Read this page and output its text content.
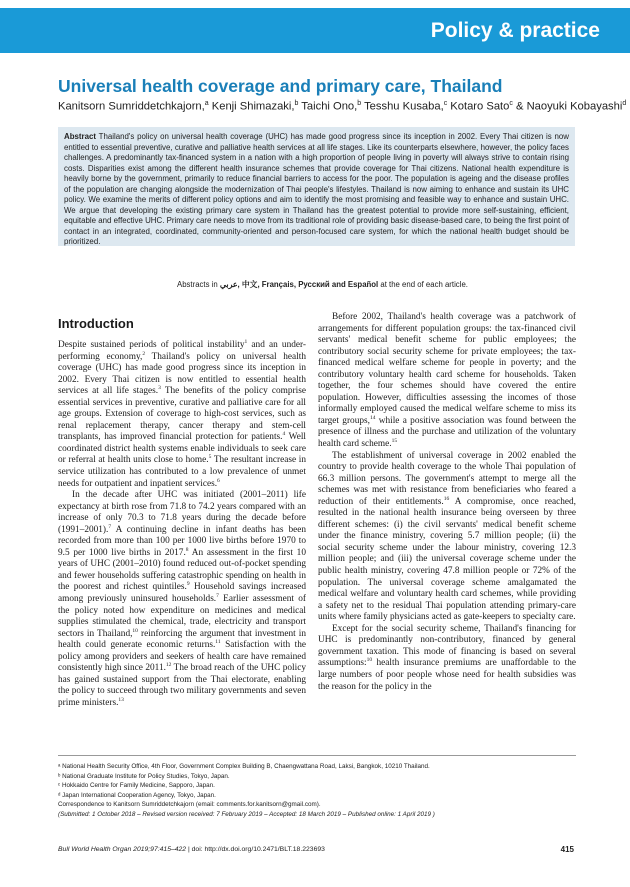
Policy & practice
Universal health coverage and primary care, Thailand
Kanitsorn Sumriddetchkajorn,$^a$ Kenji Shimazaki,$^b$ Taichi Ono,$^b$ Tesshu Kusaba,$^c$ Kotaro Sato$^c$ & Naoyuki Kobayashi$^d$
Abstract Thailand's policy on universal health coverage (UHC) has made good progress since its inception in 2002. Every Thai citizen is now entitled to essential preventive, curative and palliative health services at all life stages. Like its counterparts elsewhere, however, the policy faces challenges. A predominantly tax-financed system in a nation with a high proportion of people living in poverty will always strive to contain rising costs. Disparities exist among the different health insurance schemes that provide coverage for Thai citizens. National health expenditure is heavily borne by the government, primarily to reduce financial barriers to access for the poor. The population is ageing and the disease profiles of the population are changing alongside the modernization of Thai people's lifestyles. Thailand is now aiming to enhance and sustain its UHC policy. We examine the merits of different policy options and aim to identify the most promising and feasible way to enhance and sustain UHC. We argue that developing the existing primary care system in Thailand has the greatest potential to provide more self-sustaining, efficient, equitable and effective UHC. Primary care needs to move from its traditional role of providing basic disease-based care, to being the first point of contact in an integrated, coordinated, community-oriented and person-focused care system, for which the national health budget should be prioritized.
Abstracts in عربي, 中文, Français, Русский and Español at the end of each article.
Introduction

Despite sustained periods of political instability$^1$ and an under-performing economy,$^2$ Thailand's policy on universal health coverage (UHC) has made good progress since its inception in 2002. Every Thai citizen is now entitled to essential health services at all life stages.$^3$ The benefits of the policy comprise essential services in preventive, curative and palliative care for all age groups. Extension of coverage to high-cost services, such as renal replacement therapy, cancer therapy and stem-cell transplants, has improved financial protection for patients.$^4$ Well coordinated district health systems enable individuals to seek care or referral at health units close to home.$^5$ The resultant increase in service utilization has contributed to a low prevalence of unmet needs for outpatient and inpatient services.$^6$

In the decade after UHC was initiated (2001–2011) life expectancy at birth rose from 71.8 to 74.2 years compared with an increase of only 70.3 to 71.8 years during the decade before (1991–2001).$^7$ A continuing decline in infant deaths has been recorded from more than 100 per 1000 live births before 1970 to 9.5 per 1000 live births in 2017.$^8$ An assessment in the first 10 years of UHC (2001–2010) found reduced out-of-pocket spending and fewer households suffering catastrophic spending on health in the poorest and richest quintiles.$^9$ Household savings increased among previously uninsured households.$^7$ Earlier assessment of the policy noted how expenditure on medicines and medical supplies stimulated the chemical, trade, electricity and transport sectors in Thailand,$^{10}$ reinforcing the argument that investment in health could generate economic returns.$^{11}$ Satisfaction with the policy among providers and seekers of health care have remained consistently high since 2011.12 The broad reach of the UHC policy has gained sustained support from the Thai electorate, enabling the policy to succeed through two military governments and seven prime ministers.$^{13}$

Before 2002, Thailand's health coverage was a patchwork of arrangements for different population groups: the tax-financed civil servants' medical benefit scheme for public employees; the contributory social security scheme for private employees; the tax-financed medical welfare scheme for people in poverty; and the contributory voluntary health card scheme for households. Taken together, the four schemes should have covered the entire population. However, difficulties assessing the incomes of those informally employed caused the medical welfare scheme to miss its target groups,$^{14}$ while a positive association was found between the presence of illness and the purchase and utilization of the voluntary health card scheme.$^{15}$

The establishment of universal coverage in 2002 enabled the country to provide health coverage to the whole Thai population of 66.3 million persons. The government's attempt to merge all the schemes was met with resistance from beneficiaries who feared a reduction of their entitlements.$^{16}$ A compromise, once reached, resulted in the national health insurance being overseen by three different schemes: (i) the civil servants' medical benefit scheme under the finance ministry, covering 5.7 million people; (ii) the social security scheme under the labour ministry, covering 12.3 million people; and (iii) the universal coverage scheme under the public health ministry, covering 47.8 million people or 72% of the population. The universal coverage scheme amalgamated the medical welfare and voluntary health card schemes, while providing a safety net to the residual Thai population attending primary-care units where family physicians acted as gate-keepers to specialty care.

Except for the social security scheme, Thailand's financing for UHC is predominantly non-contributory, financed by general government taxation. This mode of financing is based on several assumptions:$^{10}$ health insurance premiums are unaffordable to the large numbers of poor people whose need for health subsidies was the reason for the policy in the

ᵃ National Health Security Office, 4th Floor, Government Complex Building B, Chaengwattana Road, Laksi, Bangkok, 10210 Thailand.
ᵇ National Graduate Institute for Policy Studies, Tokyo, Japan.
ᶜ Hokkaido Centre for Family Medicine, Sapporo, Japan.
ᵈ Japan International Cooperation Agency, Tokyo, Japan.
Correspondence to Kanitsorn Sumriddetchkajorn (email: comments.for.kanitsorn@gmail.com).
(Submitted: 1 October 2018 – Revised version received: 7 February 2019 – Accepted: 18 March 2019 – Published online: 1 April 2019 )
Bull World Health Organ 2019;97:415–422 | doi: http://dx.doi.org/10.2471/BLT.18.223693	415
